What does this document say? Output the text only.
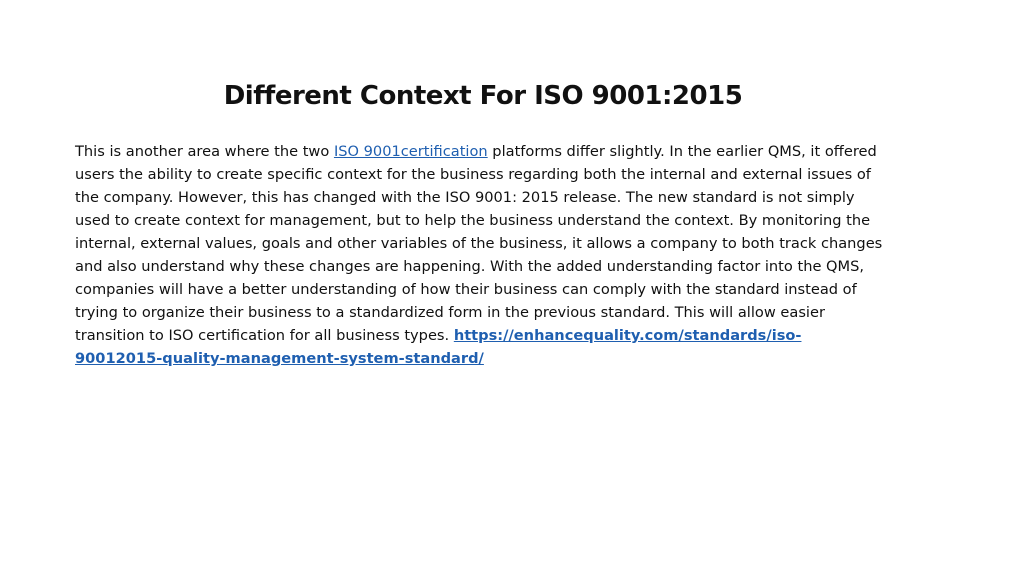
Different Context For ISO 9001:2015

This is another area where the two ISO 9001certification platforms differ slightly. In the earlier QMS, it offered users the ability to create specific context for the business regarding both the internal and external issues of the company. However, this has changed with the ISO 9001: 2015 release. The new standard is not simply used to create context for management, but to help the business understand the context. By monitoring the internal, external values, goals and other variables of the business, it allows a company to both track changes and also understand why these changes are happening. With the added understanding factor into the QMS, companies will have a better understanding of how their business can comply with the standard instead of trying to organize their business to a standardized form in the previous standard. This will allow easier transition to ISO certification for all business types. https://enhancequality.com/standards/iso-90012015-quality-management-system-standard/
